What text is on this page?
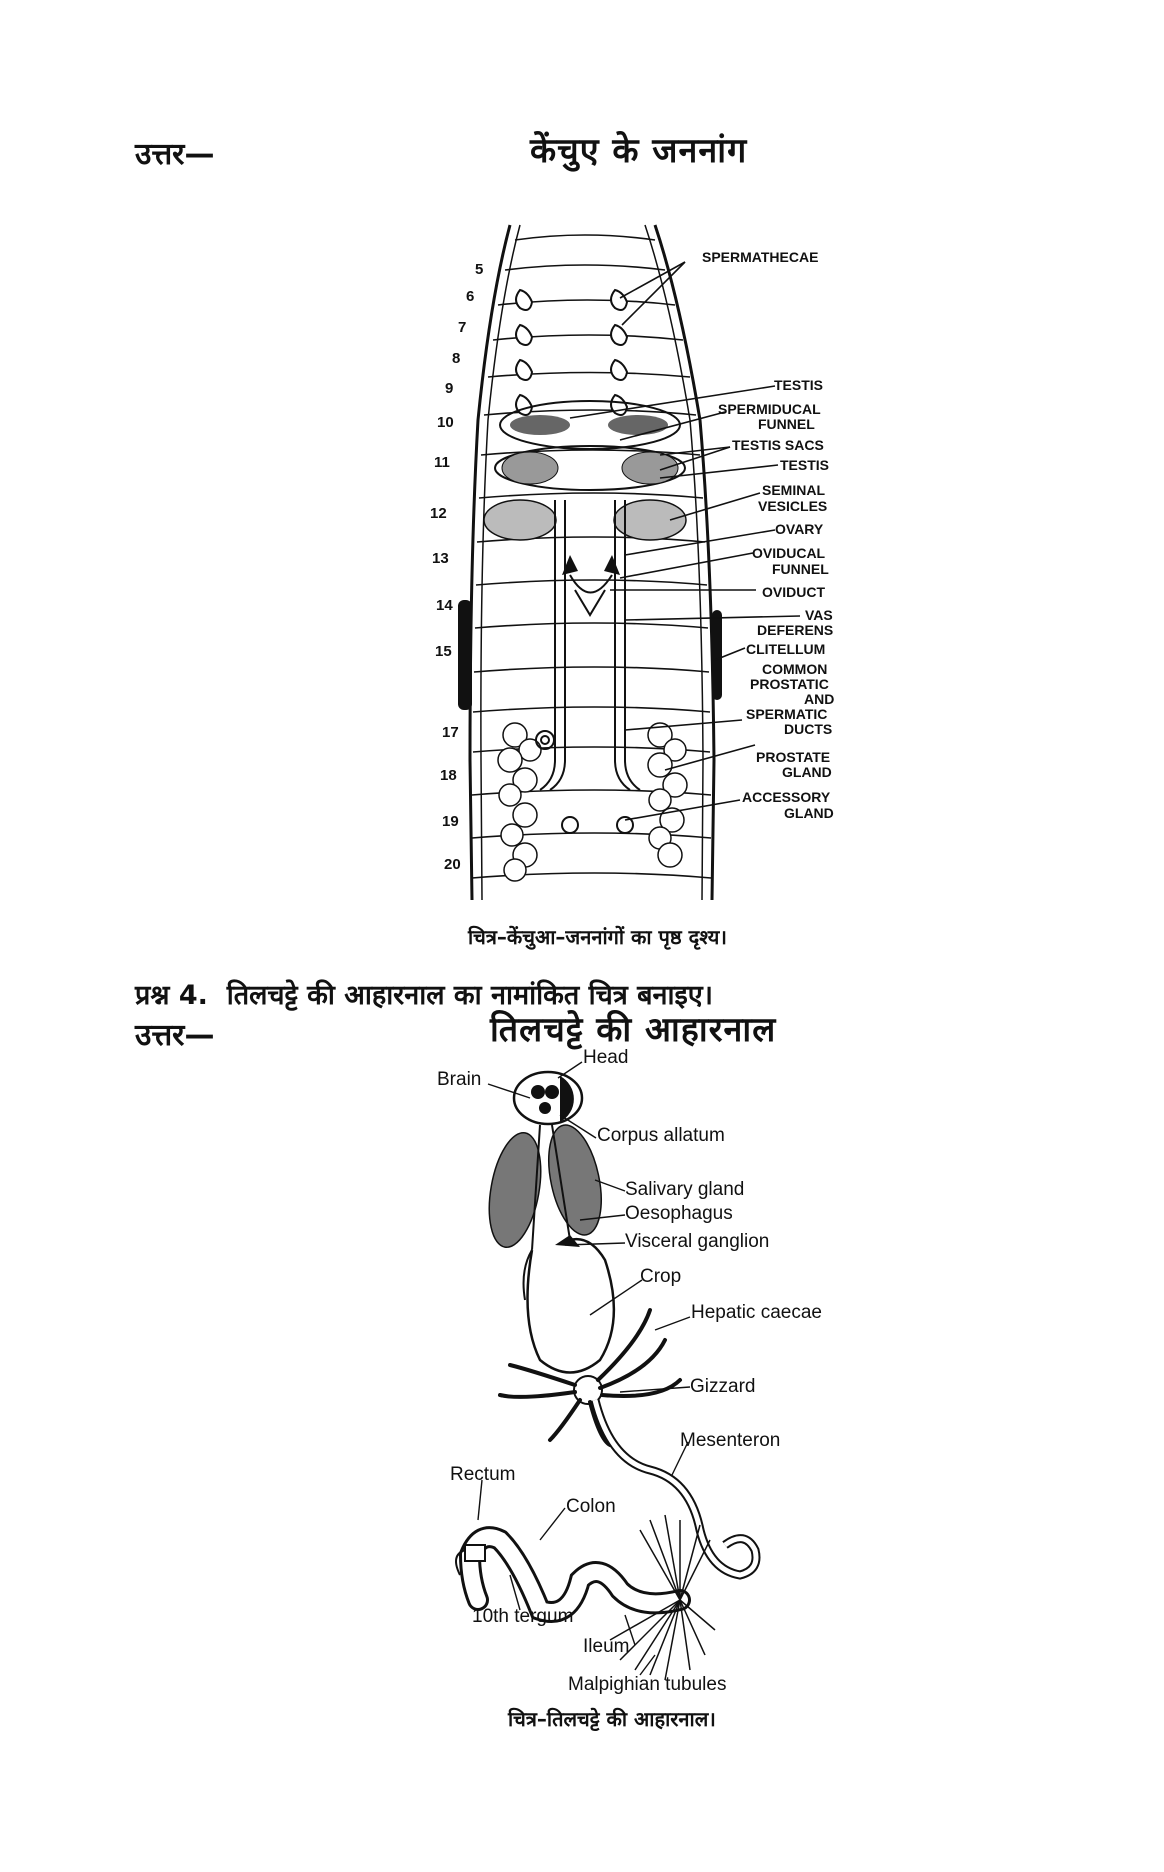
उत्तर—	केंचुए के जननांग
5
6
7
8
9
10
11
12
13
14
15
17
18
19
20
SPERMATHECAE
TESTIS
SPERMIDUCAL
FUNNEL
TESTIS SACS
TESTIS
SEMINAL
VESICLES
OVARY
OVIDUCAL
FUNNEL
OVIDUCT
VAS
DEFERENS
CLITELLUM
COMMON
PROSTATIC
AND
SPERMATIC
DUCTS
PROSTATE
GLAND
ACCESSORY
GLAND
चित्र–केंचुआ–जननांगों का पृष्ठ दृश्य।
प्रश्न 4.  तिलचट्टे की आहारनाल का नामांकित चित्र बनाइए।
उत्तर—	तिलचट्टे की आहारनाल
Head
Brain
Corpus allatum
Salivary gland
Oesophagus
Visceral ganglion
Crop
Hepatic caecae
Gizzard
Mesenteron
Rectum
Colon
10th tergum
Ileum
Malpighian tubules
चित्र–तिलचट्टे की आहारनाल।
